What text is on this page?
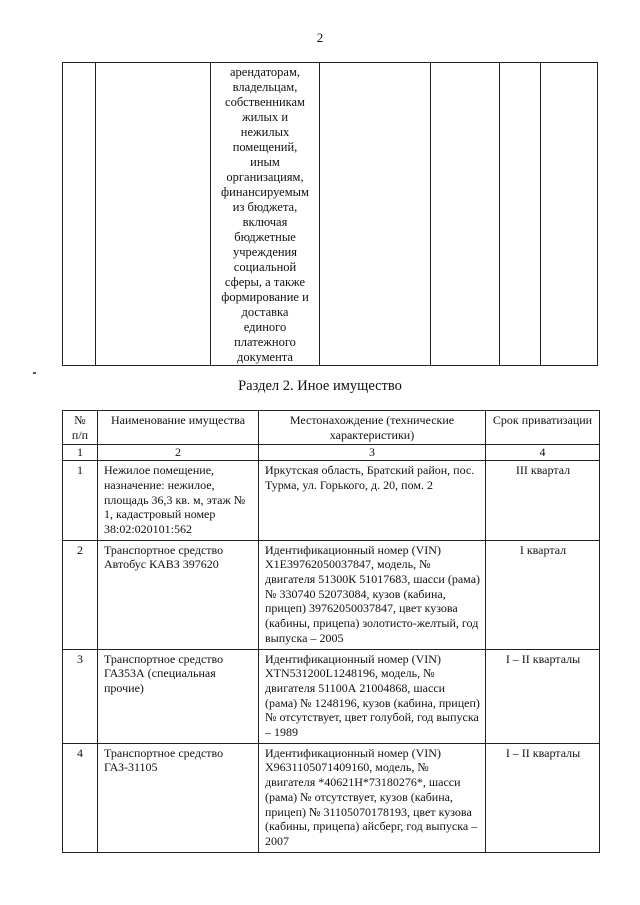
2

арендаторам,
владельцам,
собственникам
жилых и
нежилых
помещений,
иным
организациям,
финансируемым
из бюджета,
включая
бюджетные
учреждения
социальной
сферы, а также
формирование и
доставка
единого
платежного
документа

Раздел 2. Иное имущество
№
п/п	Наименование имущества	Местонахождение (технические характеристики)	Срок приватизации
1	2	3	4
1	Нежилое помещение, назначение: нежилое, площадь 36,3 кв. м, этаж № 1, кадастровый номер 38:02:020101:562	Иркутская область, Братский район, пос. Турма, ул. Горького, д. 20, пом. 2	III квартал
2	Транспортное средство Автобус КАВЗ 397620	Идентификационный номер (VIN) Х1Е39762050037847, модель, № двигателя 51300К 51017683, шасси (рама) № 330740 52073084, кузов (кабина, прицеп) 39762050037847, цвет кузова (кабины, прицепа) золотисто-желтый, год выпуска – 2005	I квартал
3	Транспортное средство ГАЗ53А (специальная прочие)	Идентификационный номер (VIN) XTN531200L1248196, модель, № двигателя 51100А 21004868, шасси (рама) № 1248196, кузов (кабина, прицеп) № отсутствует, цвет голубой, год выпуска – 1989	I – II кварталы
4	Транспортное средство ГАЗ-31105	Идентификационный номер (VIN) Х9631105071409160, модель, № двигателя *40621Н*73180276*, шасси (рама) № отсутствует, кузов (кабина, прицеп) № 31105070178193, цвет кузова (кабины, прицепа) айсберг, год выпуска – 2007	I – II кварталы
